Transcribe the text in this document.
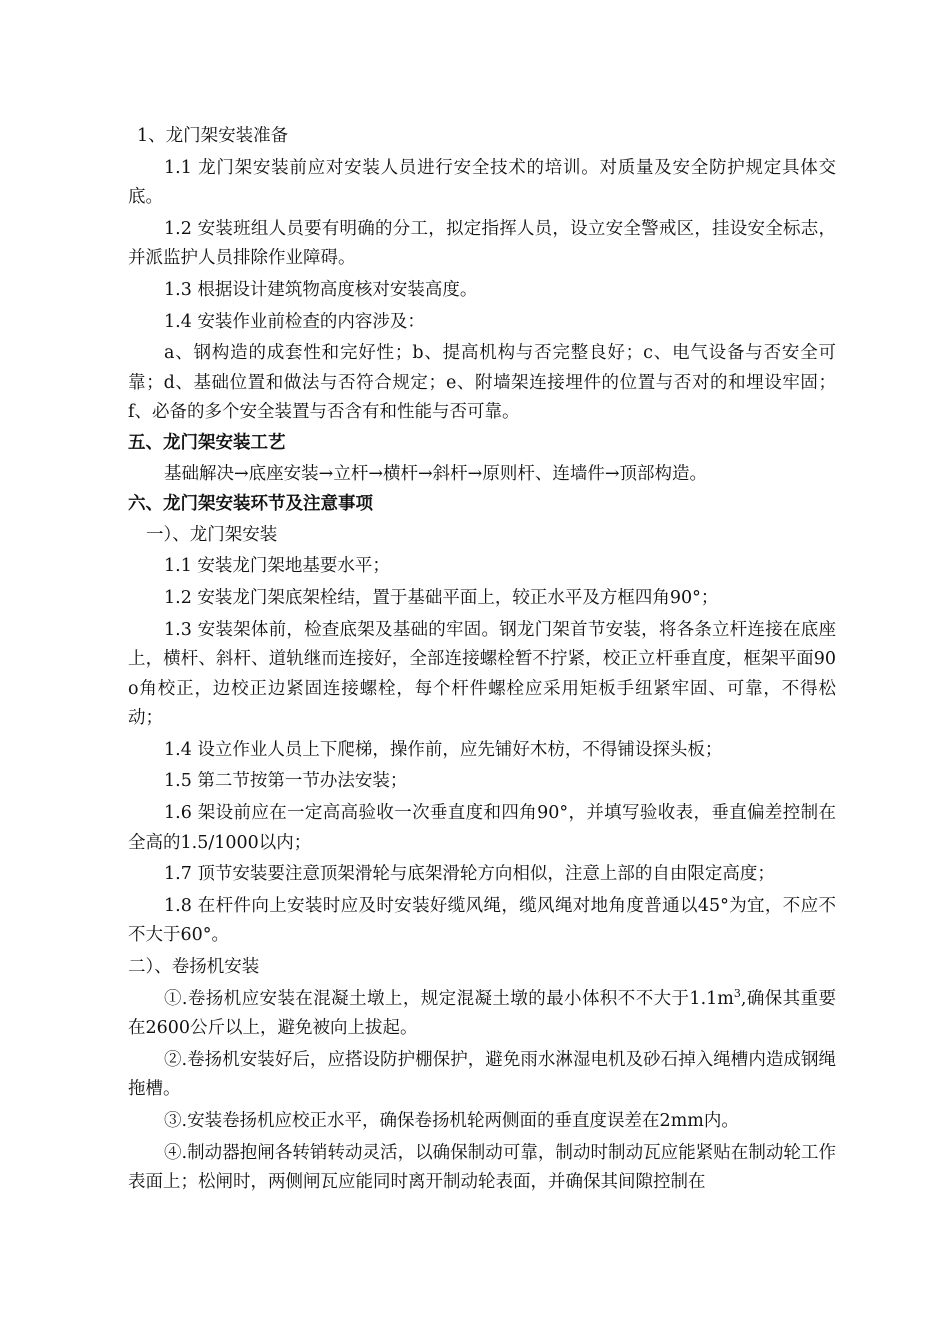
1、龙门架安装准备

1.1 龙门架安装前应对安装人员进行安全技术的培训。对质量及安全防护规定具体交底。

1.2 安装班组人员要有明确的分工，拟定指挥人员，设立安全警戒区，挂设安全标志，并派监护人员排除作业障碍。

1.3 根据设计建筑物高度核对安装高度。

1.4 安装作业前检查的内容涉及：

a、钢构造的成套性和完好性；b、提高机构与否完整良好；c、电气设备与否安全可靠；d、基础位置和做法与否符合规定；e、附墙架连接埋件的位置与否对的和埋设牢固；f、必备的多个安全装置与否含有和性能与否可靠。

五、龙门架安装工艺

基础解决→底座安装→立杆→横杆→斜杆→原则杆、连墙件→顶部构造。

六、龙门架安装环节及注意事项

一）、龙门架安装

1.1 安装龙门架地基要水平；

1.2 安装龙门架底架栓结，置于基础平面上，较正水平及方框四角90°；

1.3 安装架体前，检查底架及基础的牢固。钢龙门架首节安装，将各条立杆连接在底座上，横杆、斜杆、道轨继而连接好，全部连接螺栓暂不拧紧，校正立杆垂直度，框架平面90o角校正，边校正边紧固连接螺栓，每个杆件螺栓应采用矩板手纽紧牢固、可靠，不得松动；

1.4 设立作业人员上下爬梯，操作前，应先铺好木枋，不得铺设探头板；

1.5 第二节按第一节办法安装；

1.6 架设前应在一定高高验收一次垂直度和四角90°，并填写验收表，垂直偏差控制在全高的1.5/1000以内；

1.7 顶节安装要注意顶架滑轮与底架滑轮方向相似，注意上部的自由限定高度；

1.8 在杆件向上安装时应及时安装好缆风绳，缆风绳对地角度普通以45°为宜，不应不不大于60°。

二）、卷扬机安装

①.卷扬机应安装在混凝土墩上，规定混凝土墩的最小体积不不大于$1.1m^3$,确保其重要在2600公斤以上，避免被向上拔起。

②.卷扬机安装好后，应搭设防护棚保护，避免雨水淋湿电机及砂石掉入绳槽内造成钢绳拖槽。

③.安装卷扬机应校正水平，确保卷扬机轮两侧面的垂直度误差在2mm内。

④.制动器抱闸各转销转动灵活，以确保制动可靠，制动时制动瓦应能紧贴在制动轮工作表面上；松闸时，两侧闸瓦应能同时离开制动轮表面，并确保其间隙控制在
